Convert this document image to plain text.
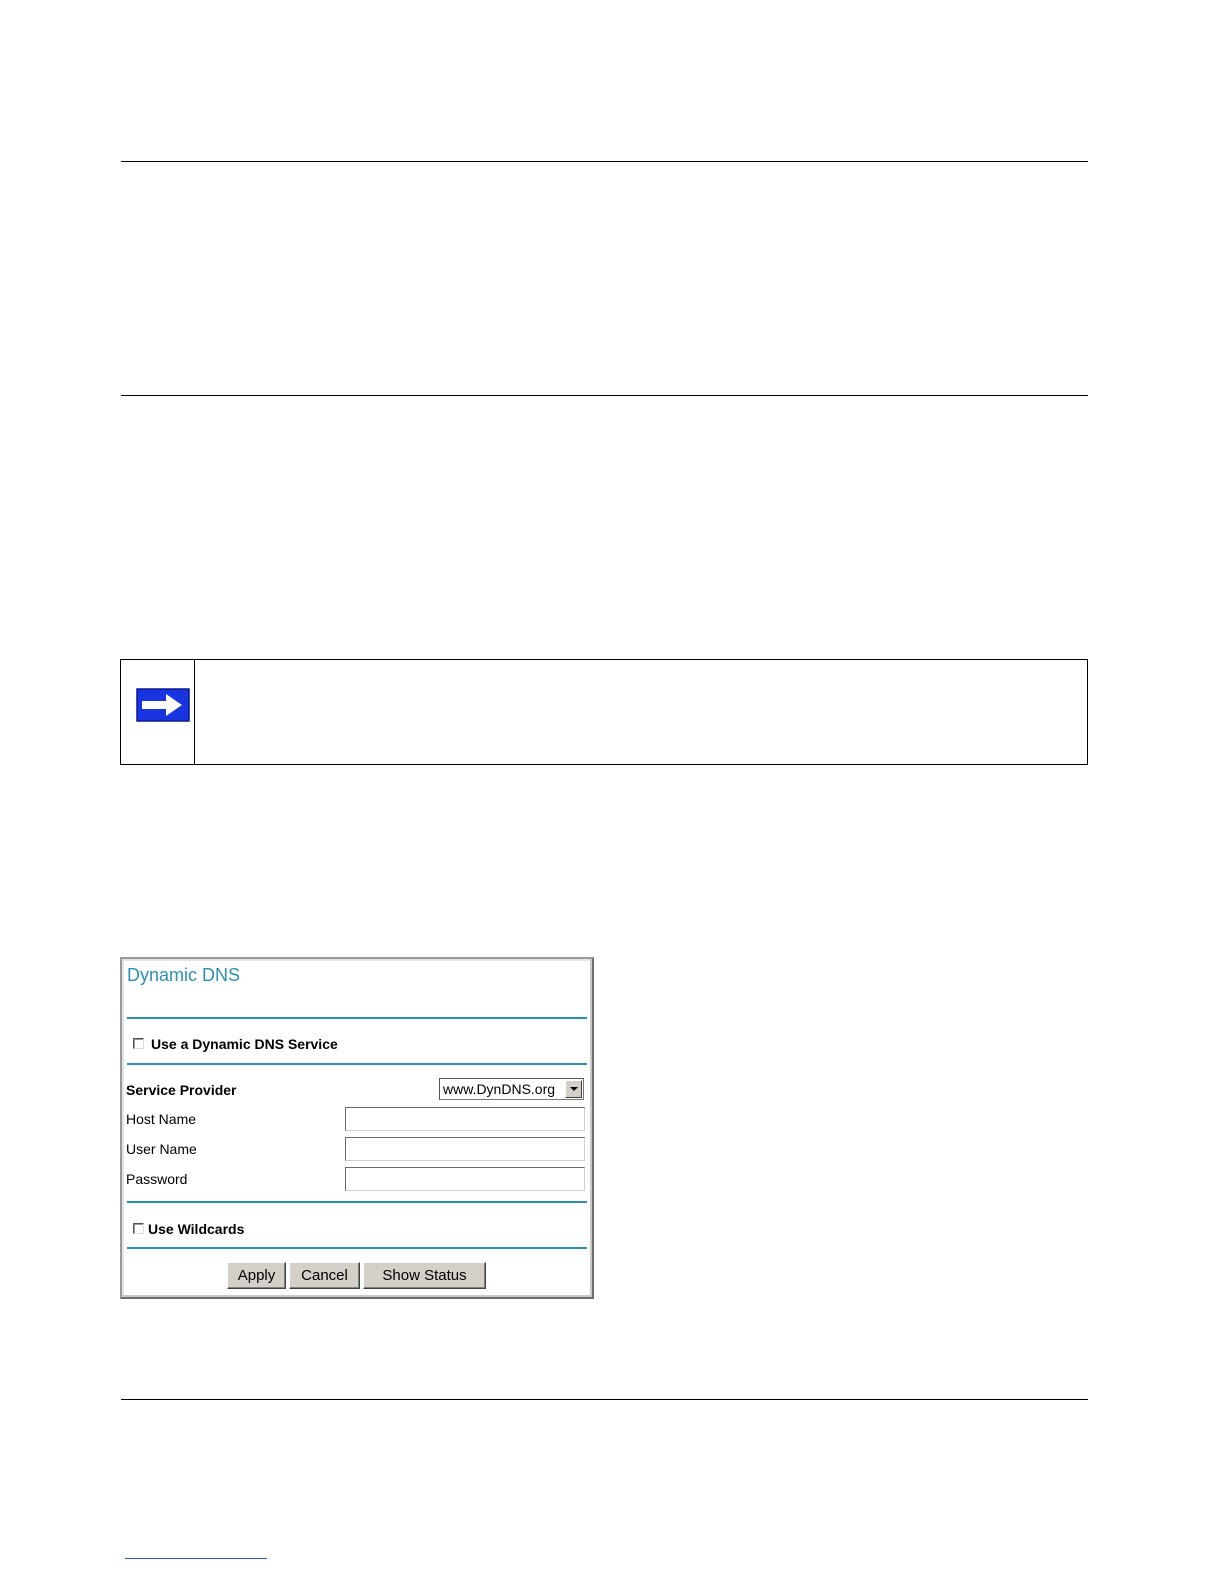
Dynamic DNS
Use a Dynamic DNS Service
Service Provider	www.DynDNS.org
Host Name
User Name
Password
Use Wildcards
Apply	Cancel	Show Status
